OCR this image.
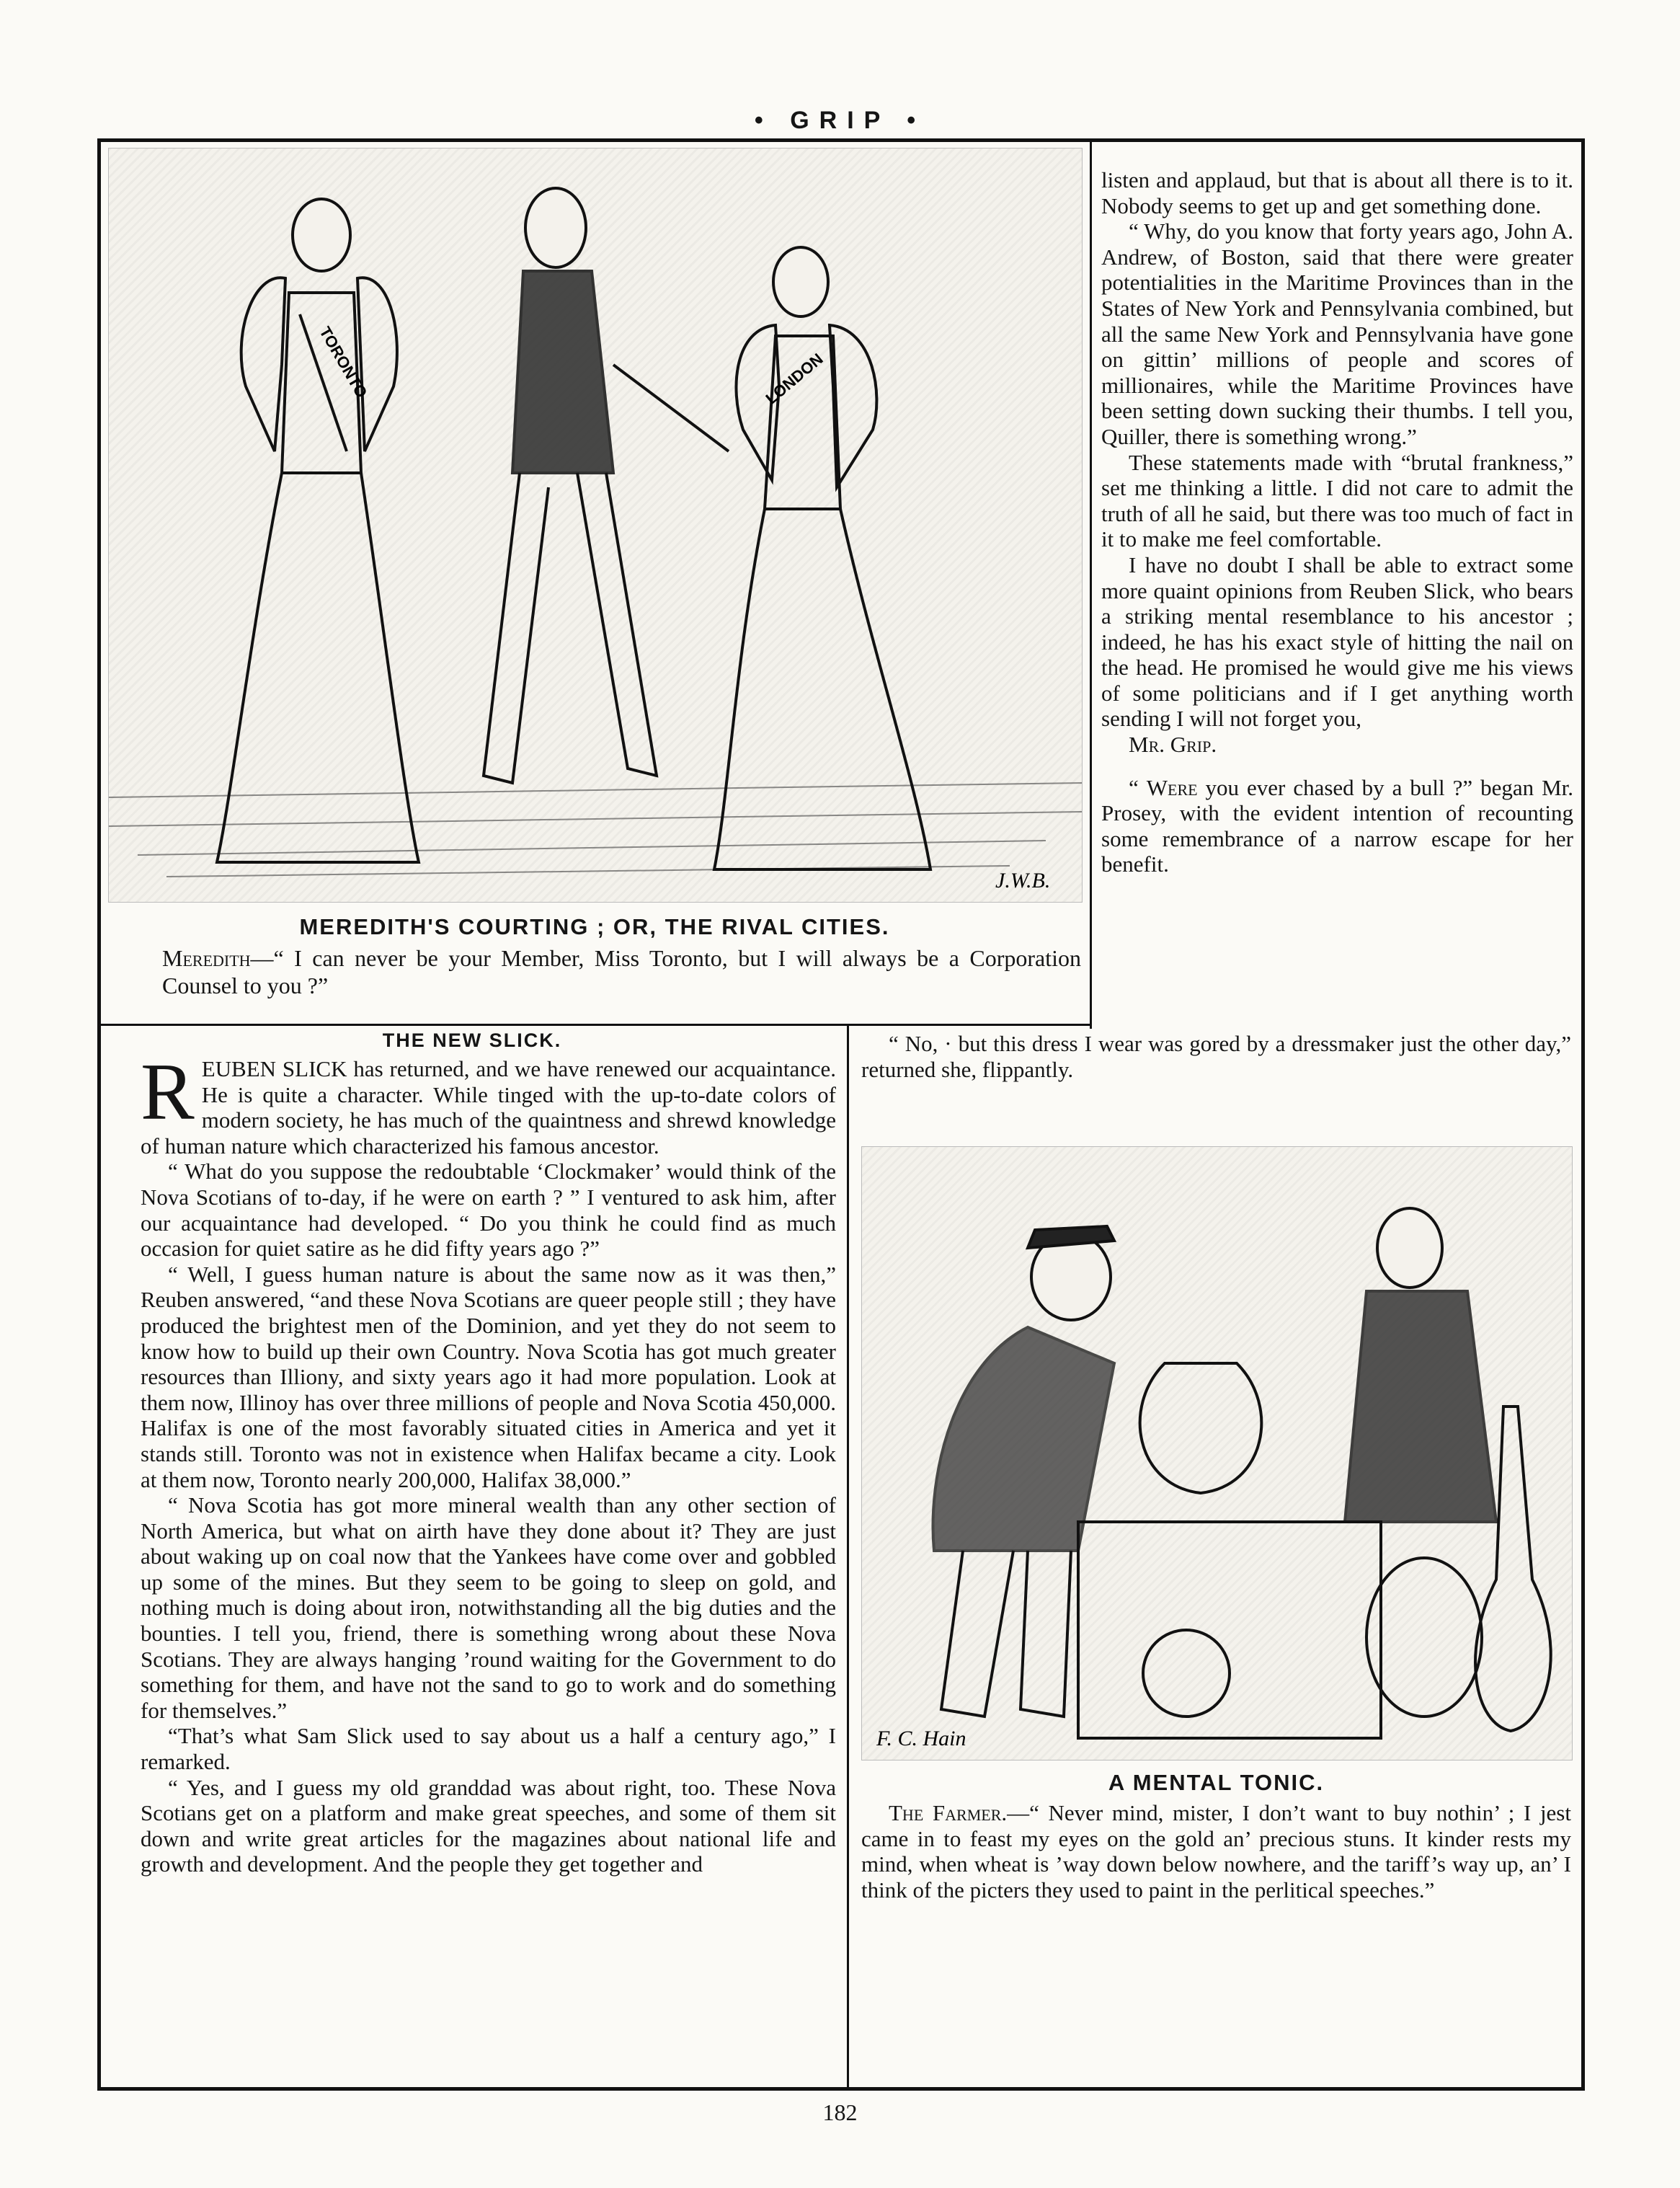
• GRIP •
TORONTO	LONDON
J.W.B.
MEREDITH'S COURTING ; OR, THE RIVAL CITIES.
Meredith—“ I can never be your Member, Miss Toronto, but I will always be a Corporation Counsel to you ?”

listen and applaud, but that is about all there is to it. Nobody seems to get up and get something done.

“ Why, do you know that forty years ago, John A. Andrew, of Boston, said that there were greater potentialities in the Maritime Provinces than in the States of New York and Pennsylvania combined, but all the same New York and Pennsylvania have gone on gittin’ millions of people and scores of millionaires, while the Maritime Provinces have been setting down sucking their thumbs. I tell you, Quiller, there is something wrong.”

These statements made with “brutal frankness,” set me thinking a little. I did not care to admit the truth of all he said, but there was too much of fact in it to make me feel comfortable.

I have no doubt I shall be able to extract some more quaint opinions from Reuben Slick, who bears a striking mental resemblance to his ancestor ; indeed, he has his exact style of hitting the nail on the head. He promised he would give me his views of some politicians and if I get anything worth sending I will not forget you,

Mr. Grip.

“ Were you ever chased by a bull ?” began Mr. Prosey, with the evident intention of recounting some remembrance of a narrow escape for her benefit.

“ No, · but this dress I wear was gored by a dressmaker just the other day,” returned she, flippantly.

THE NEW SLICK.

REUBEN SLICK has returned, and we have renewed our acquaintance. He is quite a character. While tinged with the up-to-date colors of modern society, he has much of the quaintness and shrewd knowledge of human nature which characterized his famous ancestor.

“ What do you suppose the redoubtable ‘Clockmaker’ would think of the Nova Scotians of to-day, if he were on earth ? ” I ventured to ask him, after our acquaintance had developed. “ Do you think he could find as much occasion for quiet satire as he did fifty years ago ?”

“ Well, I guess human nature is about the same now as it was then,” Reuben answered, “and these Nova Scotians are queer people still ; they have produced the brightest men of the Dominion, and yet they do not seem to know how to build up their own Country. Nova Scotia has got much greater resources than Illiony, and sixty years ago it had more population. Look at them now, Illinoy has over three millions of people and Nova Scotia 450,000. Halifax is one of the most favorably situated cities in America and yet it stands still. Toronto was not in existence when Halifax became a city. Look at them now, Toronto nearly 200,000, Halifax 38,000.”

“ Nova Scotia has got more mineral wealth than any other section of North America, but what on airth have they done about it? They are just about waking up on coal now that the Yankees have come over and gobbled up some of the mines. But they seem to be going to sleep on gold, and nothing much is doing about iron, notwithstanding all the big duties and the bounties. I tell you, friend, there is something wrong about these Nova Scotians. They are always hanging ’round waiting for the Government to do something for them, and have not the sand to go to work and do something for themselves.”

“That’s what Sam Slick used to say about us a half a century ago,” I remarked.

“ Yes, and I guess my old granddad was about right, too. These Nova Scotians get on a platform and make great speeches, and some of them sit down and write great articles for the magazines about national life and growth and development. And the people they get together and

F. C. Hain
A MENTAL TONIC.

The Farmer.—“ Never mind, mister, I don’t want to buy nothin’ ; I jest came in to feast my eyes on the gold an’ precious stuns. It kinder rests my mind, when wheat is ’way down below nowhere, and the tariff’s way up, an’ I think of the picters they used to paint in the perlitical speeches.”

182
